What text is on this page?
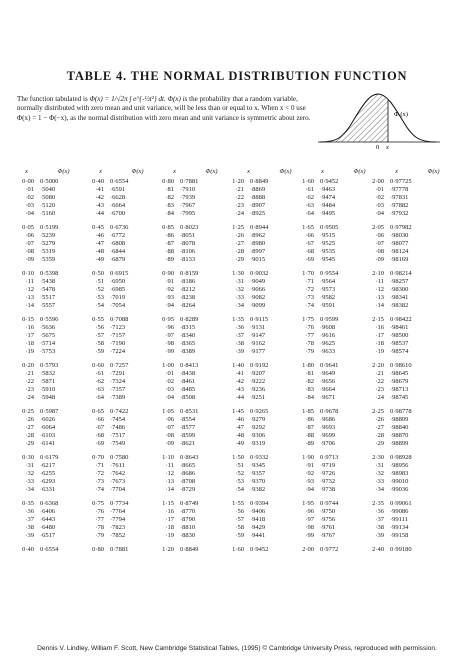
TABLE 4. THE NORMAL DISTRIBUTION FUNCTION
The function tabulated is Φ(x) = 1/√2π ∫ e^{-½t²} dt. Φ(x) is the probability that a random variable, normally distributed with zero mean and unit variance, will be less than or equal to x. When x < 0 use Φ(x) = 1 − Φ(−x), as the normal distribution with zero mean and unit variance is symmetric about zero.	Φ (x)
0 x
x	Φ(x)	x	Φ(x)	x	Φ(x)	x	Φ(x)	x	Φ(x)	x	Φ(x)
0·00 0·5000	0·40 0·6554	0·80 0·7881	1·20 0·8849	1·60 0·9452	2·00 0·97725
·01 ·5040	·41 ·6591	·81 ·7910	·21 ·8869	·61 ·9463	·01 ·97778
·02 ·5080	·42 ·6628	·82 ·7939	·22 ·8888	·62 ·9474	·02 ·97831
·03 ·5120	·43 ·6664	·83 ·7967	·23 ·8907	·63 ·9484	·03 ·97882
·04 ·5160	·44 ·6700	·84 ·7995	·24 ·8925	·64 ·9495	·04 ·97932
0·05 0·5199	0·45 0·6736	0·85 0·8023	1·25 0·8944	1·65 0·9505	2·05 0·97982
·06 ·5239	·46 ·6772	·86 ·8051	·26 ·8962	·66 ·9515	·06 ·98030
·07 ·5279	·47 ·6808	·87 ·8078	·27 ·8980	·67 ·9525	·07 ·98077
·08 ·5319	·48 ·6844	·88 ·8106	·28 ·8997	·68 ·9535	·08 ·98124
·09 ·5359	·49 ·6879	·89 ·8133	·29 ·9015	·69 ·9545	·09 ·98169
0·10 0·5398	0·50 0·6915	0·90 0·8159	1·30 0·9032	1·70 0·9554	2·10 0·98214
·11 ·5438	·51 ·6950	·91 ·8186	·31 ·9049	·71 ·9564	·11 ·98257
·12 ·5478	·52 ·6985	·92 ·8212	·32 ·9066	·72 ·9573	·12 ·98300
·13 ·5517	·53 ·7019	·93 ·8238	·33 ·9082	·73 ·9582	·13 ·98341
·14 ·5557	·54 ·7054	·94 ·8264	·34 ·9099	·74 ·9591	·14 ·98382
0·15 0·5596	0·55 0·7088	0·95 0·8289	1·35 0·9115	1·75 0·9599	2·15 0·98422
·16 ·5636	·56 ·7123	·96 ·8315	·36 ·9131	·76 ·9608	·16 ·98461
·17 ·5675	·57 ·7157	·97 ·8340	·37 ·9147	·77 ·9616	·17 ·98500
·18 ·5714	·58 ·7190	·98 ·8365	·38 ·9162	·78 ·9625	·18 ·98537
·19 ·5753	·59 ·7224	·99 ·8389	·39 ·9177	·79 ·9633	·19 ·98574
0·20 0·5793	0·60 0·7257	1·00 0·8413	1·40 0·9192	1·80 0·9641	2·20 0·98610
·21 ·5832	·61 ·7291	·01 ·8438	·41 ·9207	·81 ·9649	·21 ·98645
·22 ·5871	·62 ·7324	·02 ·8461	·42 ·9222	·82 ·9656	·22 ·98679
·23 ·5910	·63 ·7357	·03 ·8485	·43 ·9236	·83 ·9664	·23 ·98713
·24 ·5948	·64 ·7389	·04 ·8508	·44 ·9251	·84 ·9671	·24 ·98745
0·25 0·5987	0·65 0·7422	1·05 0·8531	1·45 0·9265	1·85 0·9678	2·25 0·98778
·26 ·6026	·66 ·7454	·06 ·8554	·46 ·9279	·86 ·9686	·26 ·98809
·27 ·6064	·67 ·7486	·07 ·8577	·47 ·9292	·87 ·9693	·27 ·98840
·28 ·6103	·68 ·7517	·08 ·8599	·48 ·9306	·88 ·9699	·28 ·98870
·29 ·6141	·69 ·7549	·09 ·8621	·49 ·9319	·89 ·9706	·29 ·98899
0·30 0·6179	0·70 0·7580	1·10 0·8643	1·50 0·9332	1·90 0·9713	2·30 0·98928
·31 ·6217	·71 ·7611	·11 ·8665	·51 ·9345	·91 ·9719	·31 ·98956
·32 ·6255	·72 ·7642	·12 ·8686	·52 ·9357	·92 ·9726	·32 ·98983
·33 ·6293	·73 ·7673	·13 ·8708	·53 ·9370	·93 ·9732	·33 ·99010
·34 ·6331	·74 ·7704	·14 ·8729	·54 ·9382	·94 ·9738	·34 ·99036
0·35 0·6368	0·75 0·7734	1·15 0·8749	1·55 0·9394	1·95 0·9744	2·35 0·99061
·36 ·6406	·76 ·7764	·16 ·8770	·56 ·9406	·96 ·9750	·36 ·99086
·37 ·6443	·77 ·7794	·17 ·8790	·57 ·9418	·97 ·9756	·37 ·99111
·38 ·6480	·78 ·7823	·18 ·8810	·58 ·9429	·98 ·9761	·38 ·99134
·39 ·6517	·79 ·7852	·19 ·8830	·59 ·9441	·99 ·9767	·39 ·99158
0·40 0·6554	0·80 0·7881	1·20 0·8849	1·60 0·9452	2·00 0·9772	2·40 0·99180
Dennis V. Lindley, William F. Scott, New Cambridge Statistical Tables, (1995) © Cambridge University Press, reproduced with permission.
